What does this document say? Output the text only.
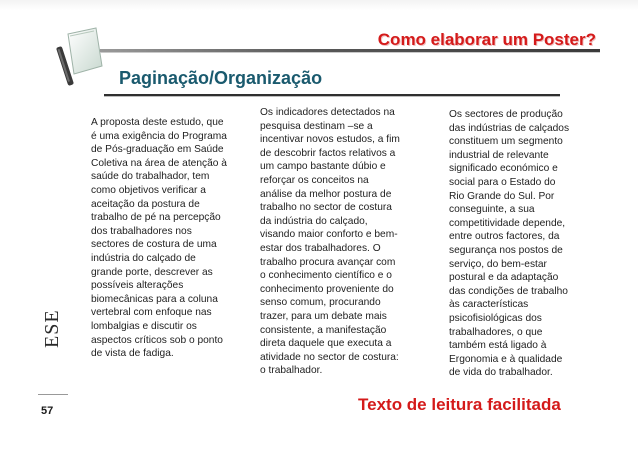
Como elaborar um Poster?
Paginação/Organização
A proposta deste estudo, que
é uma exigência do Programa
de Pós-graduação em Saúde
Coletiva na área de atenção à
saúde do trabalhador, tem
como objetivos verificar a
aceitação da postura de
trabalho de pé na percepção
dos trabalhadores nos
sectores de costura de uma
indústria do calçado de
grande porte, descrever as
possíveis alterações
biomecânicas para a coluna
vertebral com enfoque nas
lombalgias e discutir os
aspectos críticos sob o ponto
de vista de fadiga.
Os indicadores detectados na
pesquisa destinam –se a
incentivar novos estudos, a fim
de descobrir factos relativos a
um campo bastante dúbio e
reforçar os conceitos na
análise da melhor postura de
trabalho no sector de costura
da indústria do calçado,
visando maior conforto e bem-
estar dos trabalhadores. O
trabalho procura avançar com
o conhecimento científico e o
conhecimento proveniente do
senso comum, procurando
trazer, para um debate mais
consistente, a manifestação
direta daquele que executa a
atividade no sector de costura:
o trabalhador.
Os sectores de produção
das indústrias de calçados
constituem um segmento
industrial de relevante
significado económico e
social para o Estado do
Rio Grande do Sul. Por
conseguinte, a sua
competitividade depende,
entre outros factores, da
segurança nos postos de
serviço, do bem-estar
postural e da adaptação
das condições de trabalho
às características
psicofisiológicas dos
trabalhadores, o que
também está ligado à
Ergonomia e à qualidade
de vida do trabalhador.
ESE
57	Texto de leitura facilitada
